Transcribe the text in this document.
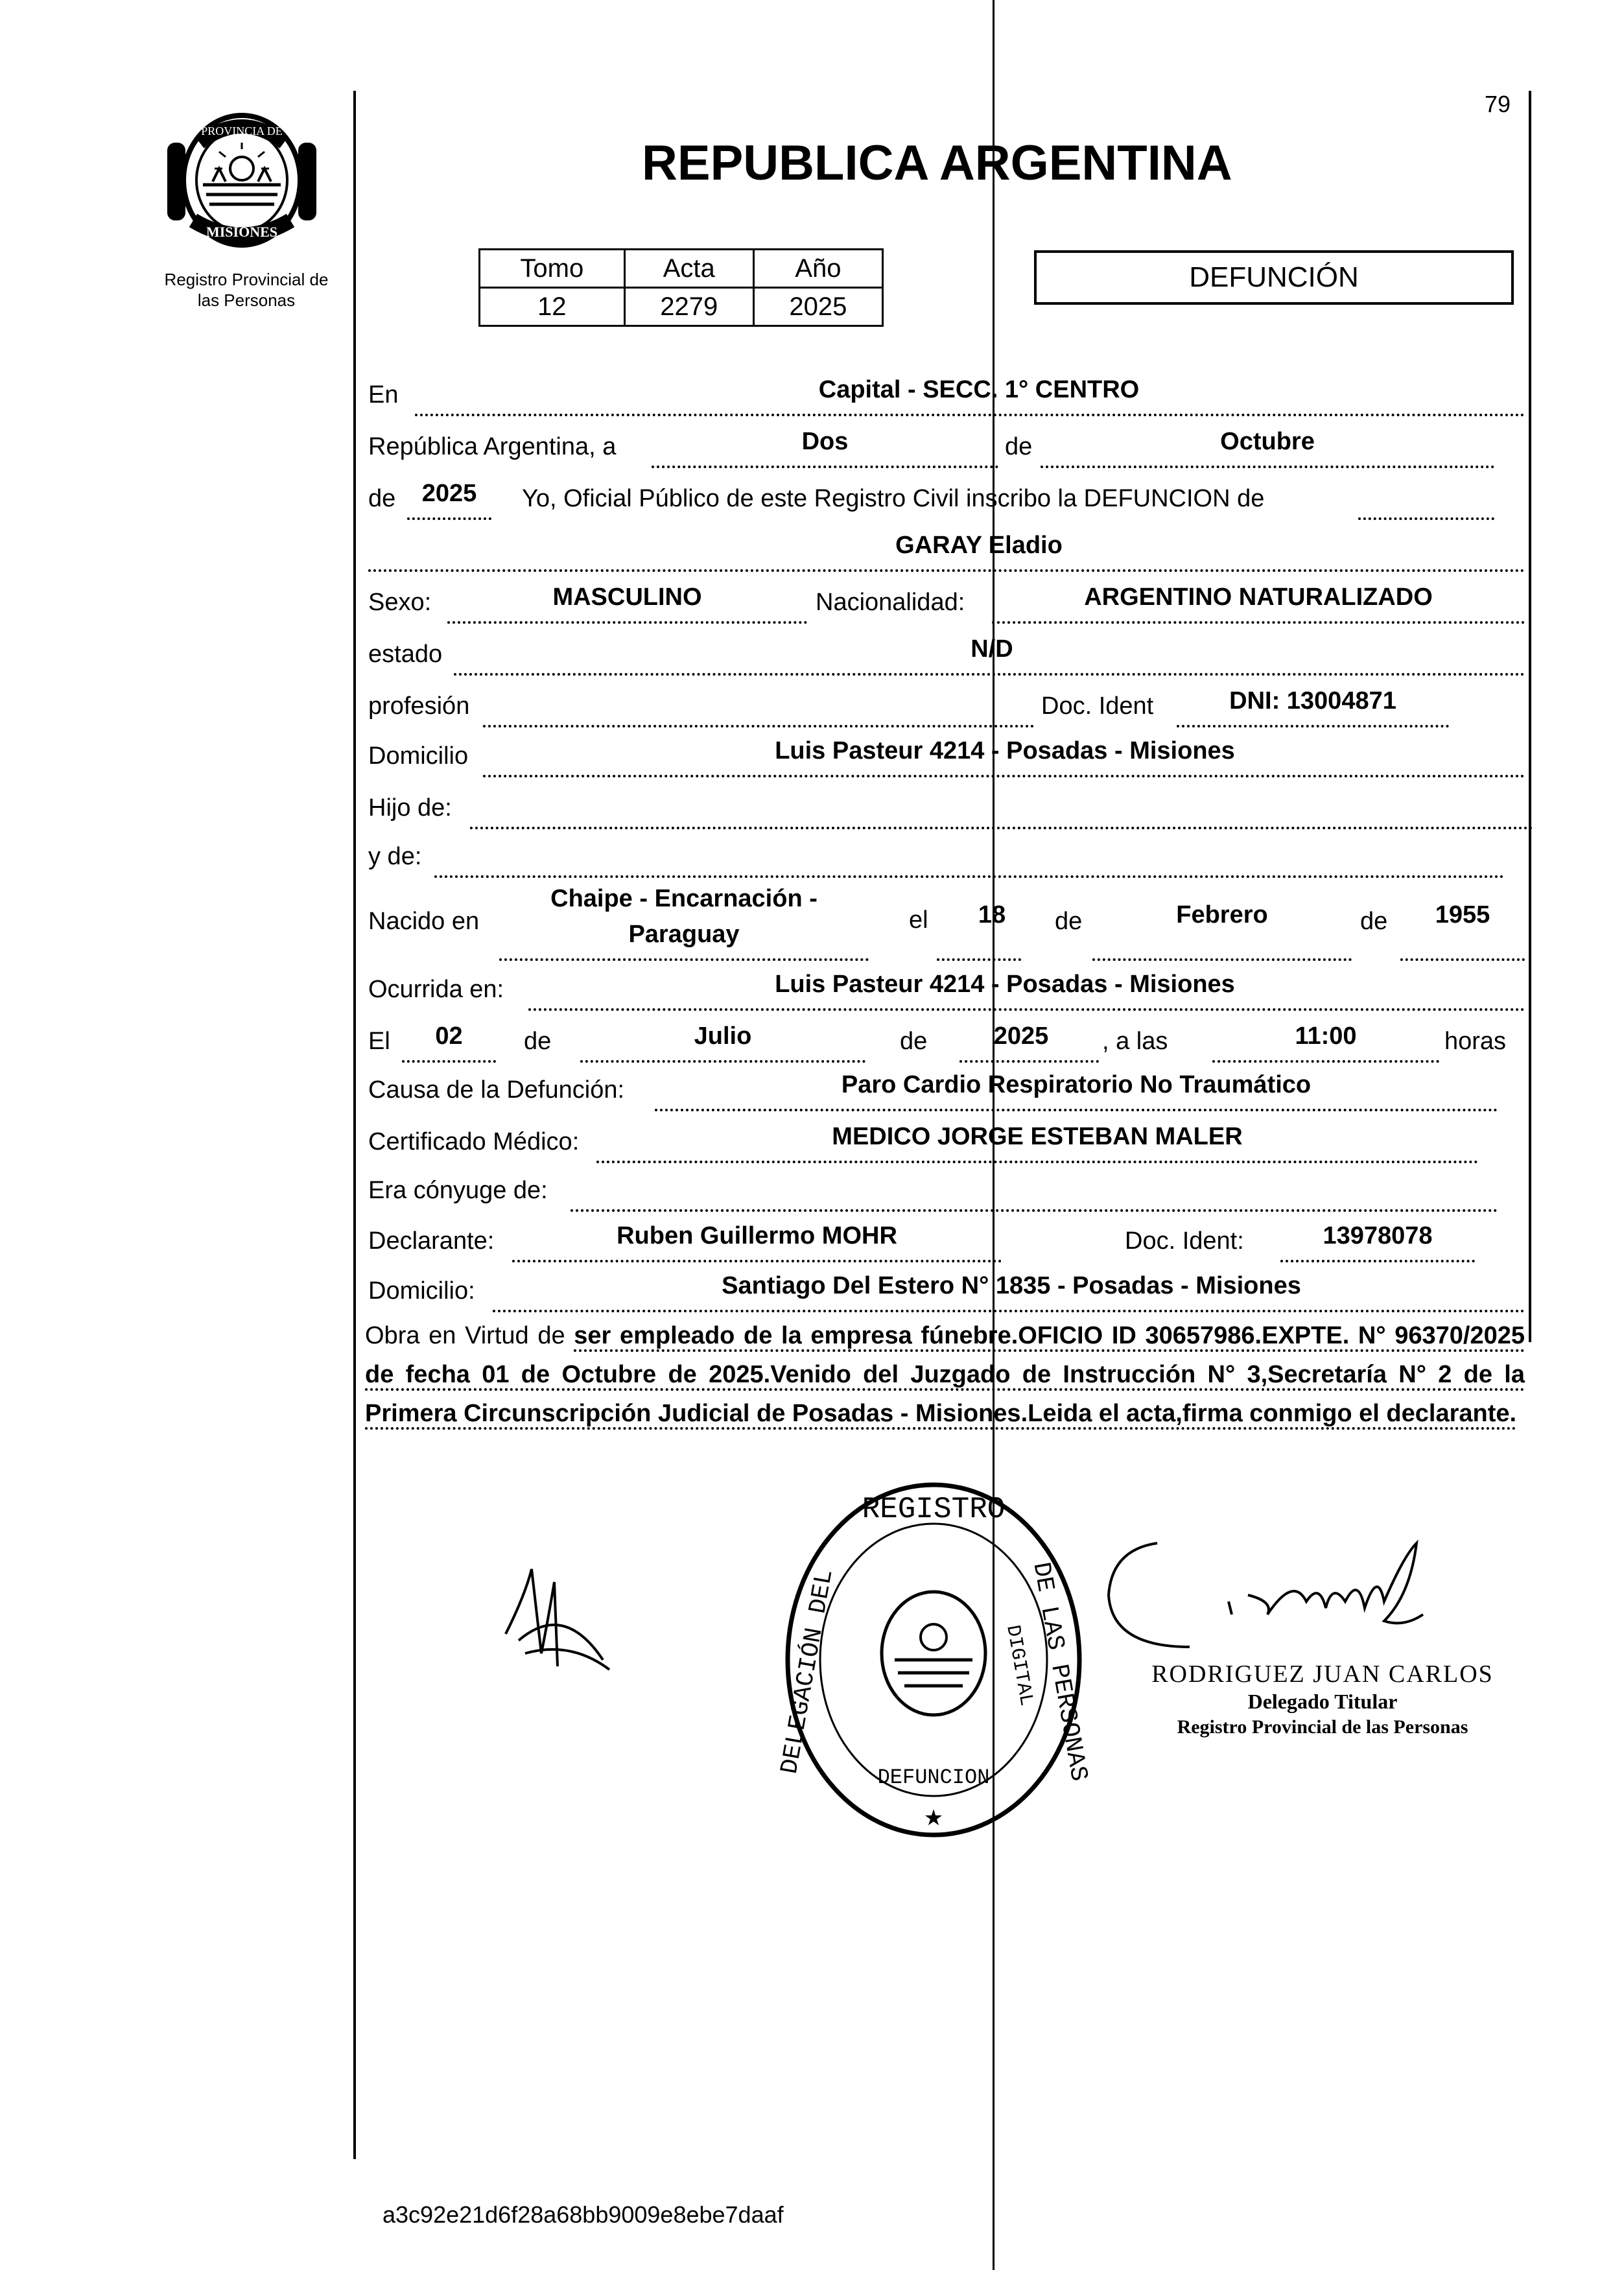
79
PROVINCIA DE
MISIONES
Registro Provincial de
las Personas
REPUBLICA ARGENTINA
Tomo	Acta	Año
12	2279	2025
DEFUNCIÓN
En	Capital - SECC. 1° CENTRO
República Argentina, a	Dos	de	Octubre
de	2025	Yo, Oficial Público de este Registro Civil inscribo la DEFUNCION de
GARAY Eladio
Sexo:	MASCULINO	Nacionalidad:	ARGENTINO NATURALIZADO
estado	N/D
profesión	Doc. Ident	DNI: 13004871
Domicilio	Luis Pasteur 4214 - Posadas - Misiones
Hijo de:
y de:
Nacido en
Chaipe - Encarnación -
Paraguay
el	18	de	Febrero	de	1955
Ocurrida en:	Luis Pasteur 4214 - Posadas - Misiones
El	02	de	Julio	de	2025	, a las	11:00	horas
Causa de la Defunción:	Paro Cardio Respiratorio No Traumático
Certificado Médico:	MEDICO JORGE ESTEBAN MALER
Era cónyuge de:
Declarante:	Ruben Guillermo MOHR	Doc. Ident:	13978078
Domicilio:	Santiago Del Estero N° 1835 - Posadas - Misiones
Obra en Virtud de ser empleado de la empresa fúnebre.OFICIO ID 30657986.EXPTE. N° 96370/2025 de fecha 01 de Octubre de 2025.Venido del Juzgado de Instrucción N° 3,Secretaría N° 2 de la Primera Circunscripción Judicial de Posadas - Misiones.Leida el acta,firma conmigo el declarante.
REGISTRO
DELEGACIÓN DEL	DE LAS PERSONAS
DEFUNCION
DIGITAL
★
RODRIGUEZ JUAN CARLOS
Delegado Titular
Registro Provincial de las Personas
a3c92e21d6f28a68bb9009e8ebe7daaf
